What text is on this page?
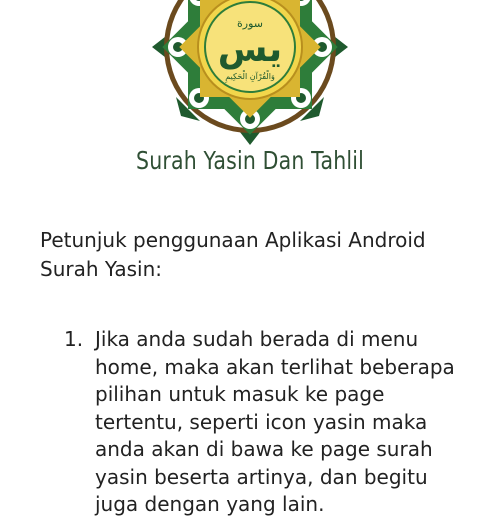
سورة
يس
وَالْقُرْآنِ الْحَكِيمِ
Surah Yasin Dan Tahlil
Petunjuk penggunaan Aplikasi Android Surah Yasin:
1. Jika anda sudah berada di menu home, maka akan terlihat beberapa pilihan untuk masuk ke page tertentu, seperti icon yasin maka anda akan di bawa ke page surah yasin beserta artinya, dan begitu juga dengan yang lain.
